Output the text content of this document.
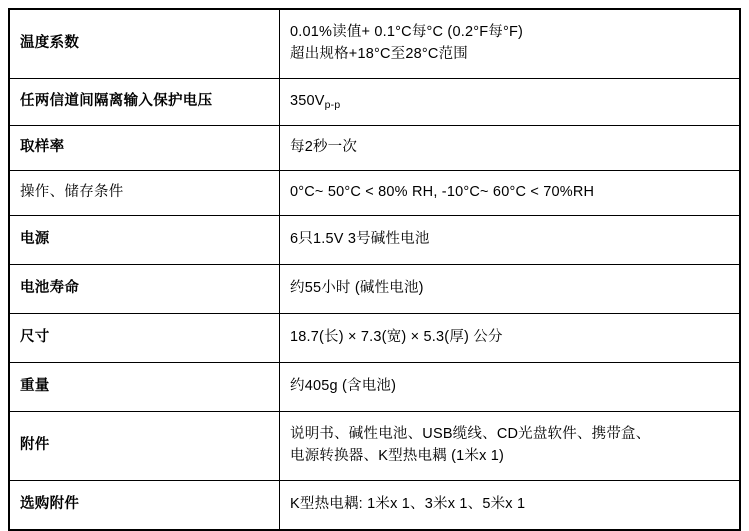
温度系数	0.01%读值+ 0.1°C每°C (0.2°F每°F)
超出规格+18°C至28°C范围

任两信道间隔离输入保护电压	$350V_{p-p}$

取样率	每2秒一次

操作、储存条件	0°C~ 50°C < 80% RH, -10°C~ 60°C < 70%RH

电源	6只1.5V 3号碱性电池

电池寿命	约55小时 (碱性电池)

尺寸	18.7(长) × 7.3(宽) × 5.3(厚) 公分

重量	约405g (含电池)

附件	说明书、碱性电池、USB缆线、CD光盘软件、携带盒、
电源转换器、K型热电耦 (1米x 1)

选购附件	K型热电耦: 1米x 1、3米x 1、5米x 1
